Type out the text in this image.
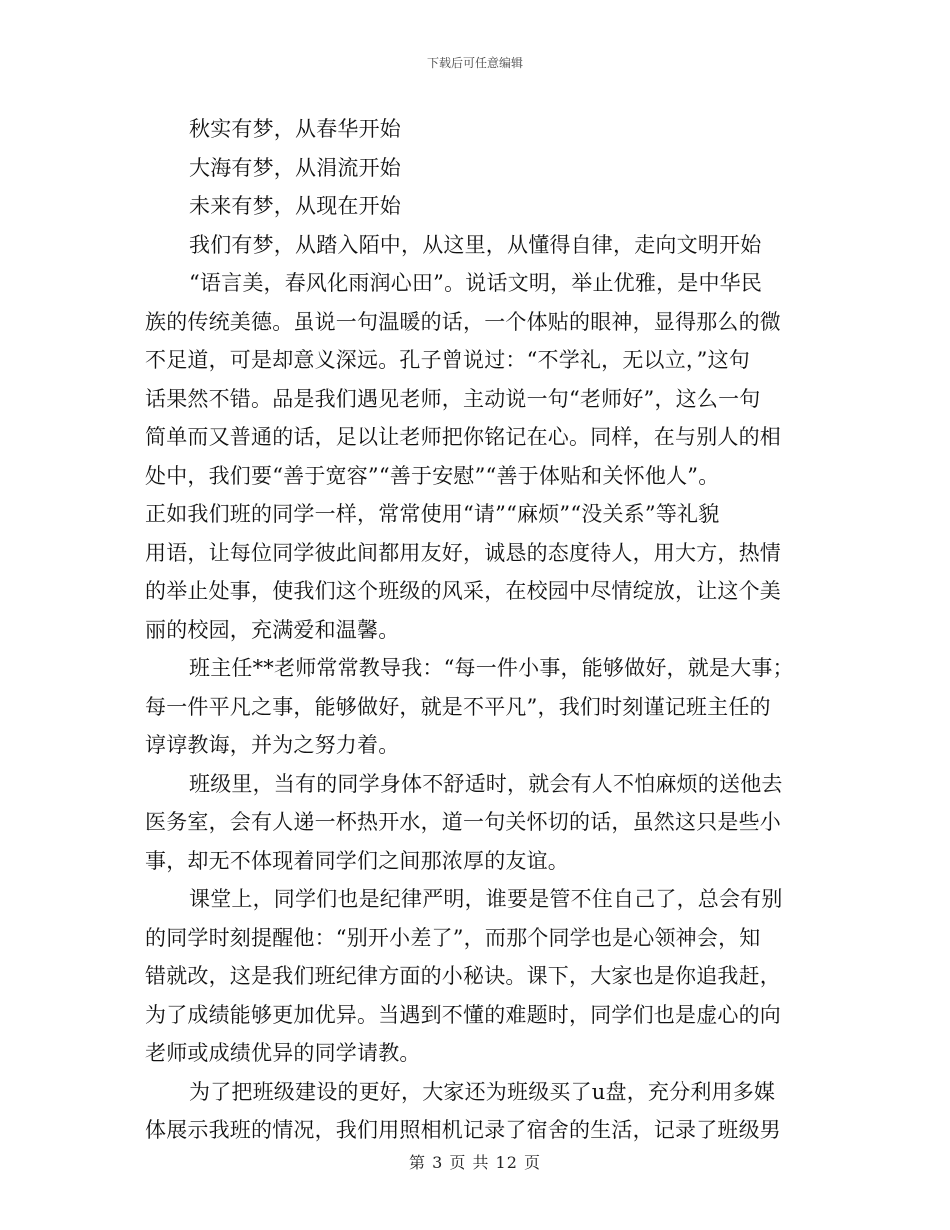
下载后可任意编辑
秋实有梦，从春华开始
大海有梦，从涓流开始
未来有梦，从现在开始
我们有梦，从踏入陌中，从这里，从懂得自律，走向文明开始
“语言美，春风化雨润心田”。说话文明，举止优雅，是中华民
族的传统美德。虽说一句温暖的话，一个体贴的眼神，显得那么的微
不足道，可是却意义深远。孔子曾说过：“不学礼，无以立，”这句
话果然不错。品是我们遇见老师，主动说一句“老师好”，这么一句
简单而又普通的话，足以让老师把你铭记在心。同样，在与别人的相
处中，我们要“善于宽容”“善于安慰”“善于体贴和关怀他人”。
正如我们班的同学一样，常常使用“请”“麻烦”“没关系”等礼貌
用语，让每位同学彼此间都用友好，诚恳的态度待人，用大方，热情
的举止处事，使我们这个班级的风采，在校园中尽情绽放，让这个美
丽的校园，充满爱和温馨。
班主任**老师常常教导我：“每一件小事，能够做好，就是大事；
每一件平凡之事，能够做好，就是不平凡”，我们时刻谨记班主任的
谆谆教诲，并为之努力着。
班级里，当有的同学身体不舒适时，就会有人不怕麻烦的送他去
医务室，会有人递一杯热开水，道一句关怀切的话，虽然这只是些小
事，却无不体现着同学们之间那浓厚的友谊。
课堂上，同学们也是纪律严明，谁要是管不住自己了，总会有别
的同学时刻提醒他：“别开小差了”，而那个同学也是心领神会，知
错就改，这是我们班纪律方面的小秘诀。课下，大家也是你追我赶，
为了成绩能够更加优异。当遇到不懂的难题时，同学们也是虚心的向
老师或成绩优异的同学请教。
为了把班级建设的更好，大家还为班级买了u盘，充分利用多媒
体展示我班的情况，我们用照相机记录了宿舍的生活，记录了班级男
第 3 页 共 12 页
